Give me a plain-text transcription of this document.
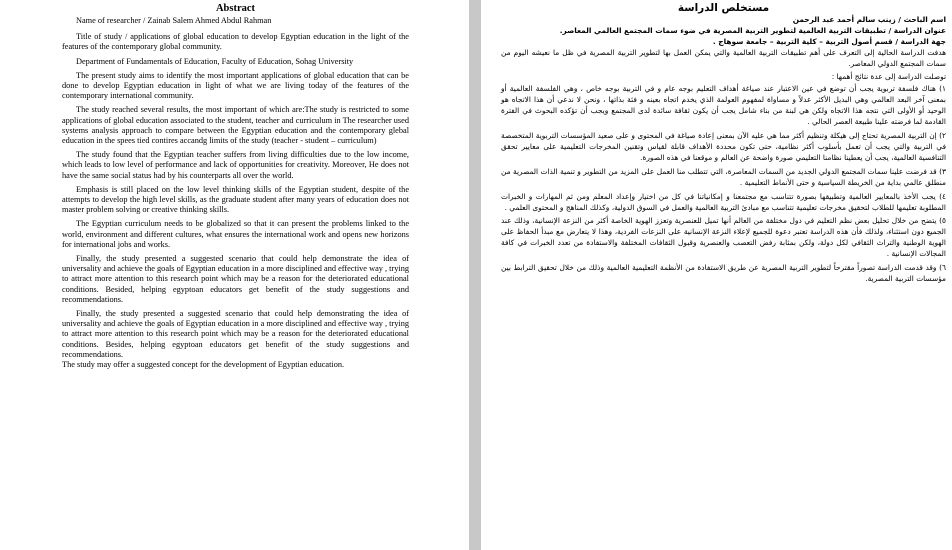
Abstract

Name of researcher / Zainab Salem Ahmed Abdul Rahman

Title of study / applications of global education to develop Egyptian education in the light of the features of the contemporary global community.

Department of Fundamentals of Education, Faculty of Education, Sohag University

The present study aims to identify the most important applications of global education that can be done to develop Egyptian education in light of what we are living today of the features of the contemporary international community.

The study reached several results, the most important of which are:The study is restricted to some applications of global education associated to the student, teacher and curriculum in The researcher used systems analysis approach to compare between the Egyptian education and the contemporary glebal education in the spees tied contires accandg limits of the study (teacher - student – curriculum)

The study found that the Egyptian teacher suffers from living difficulties due to the low income, which leads to low level of performance and lack of opportunities for creativity. Moreover, He does not have the same social status had by his counterparts all over the world.

Emphasis is still placed on the low level thinking skills of the Egyptian student, despite of the attempts to develop the high level skills, as the graduate student after many years of education does not master problem solving or creative thinking skills.

The Egyptian curriculum needs to be globalized so that it can present the problems linked to the world, environment and different cultures, what ensures the international work and opens new horizons for international jobs and works.

Finally, the study presented a suggested scenario that could help demonstrate the idea of universality and achieve the goals of Egyptian education in a more disciplined and effective way , trying to attract more attention to this research point which may be a reason for the deteriorated educational conditions. Besided, helping egyptoan educators get benefit of the study suggestions and recommendations.

Finally, the study presented a suggested scenario that could help demonstrating the idea of universality and achieve the goals of Egyptian education in a more disciplined and effective way , trying to attract more attention to this research point which may be a reason for the deteriorated educational conditions. Besides, helping egyptoan educators get benefit of the study suggestions and recommendations.

The study may offer a suggested concept for the development of Egyptian education.

مستخلص الدراسة

اسم الباحث / زينب سالم أحمد عبد الرحمن

عنوان الدراسة / تطبيقات التربية العالمية لتطوير التربية المصرية في ضوء سمات المجتمع العالمي المعاصر.

جهة الدراسة / قسم أصول التربية – كلية التربية – جامعة سوهاج .

هدفت الدراسة الحالية إلى التعرف على أهم تطبيقات التربية العالمية والتي يمكن العمل بها لتطوير التربية المصرية في ظل ما نعيشه اليوم من سمات المجتمع الدولي المعاصر.

توصلت الدراسة إلى عدة نتائج أهمها :

١) هناك فلسفة تربوية يجب أن توضع في عين الاعتبار عند صياغة أهداف التعليم بوجه عام و في التربية بوجه خاص ، وهي الفلسفة العالمية أو بمعنى آخر البعد العالمي وهي البديل الأكثر عدلاً و مساواة لمفهوم العولمة الذي يخدم اتجاه بعينه و فئة بذاتها ، ونحن لا ندعي أن هذا الاتجاه هو الوحيد أو الأولى التي نتجه هذا الاتجاه ولكن هي لبنة من بناء شامل يجب أن يكون ثقافة سائدة لدى المجتمع ويجب أن تؤكده البحوث في الفترة القادمة لما فرضته علينا طبيعة العصر الحالي .

٢) إن التربية المصرية تحتاج إلى هيكلة وتنظيم أكثر مما هي عليه الآن بمعنى إعادة صياغة في المحتوى و على صعيد المؤسسات التربوية المتخصصة في التربية والتي يجب أن تعمل بأسلوب أكثر نظامية، حتى تكون محددة الأهداف قابلة لقياس وتقنين المخرجات التعليمية على معايير تحقق التنافسية العالمية، يجب أن يعطينا نظامنا التعليمي صورة واضحة عن العالم و موقعنا في هذه الصورة.

٣) قد فرضت علينا سمات المجتمع الدولي الجديد من السمات المعاصرة، التي تتطلب منا العمل على المزيد من التطوير و تنمية الذات المصرية من منطلق عالمي بداية من الخريطة السياسية و حتى الأنماط التعليمية .

٤) يجب الأخذ بالمعايير العالمية وتطبيقها بصورة تتناسب مع مجتمعنا و إمكانياتنا في كل من اختيار وإعداد المعلم ومن ثم المهارات و الخبرات المطلوبة تعليمها للطلاب لتحقيق مخرجات تعليمية تتناسب مع مبادئ التربية العالمية والعمل في السوق الدولية، وكذلك المناهج و المحتوى العلمي .

٥) يتضح من خلال تحليل بعض نظم التعليم في دول مختلفة من العالم أنها تميل للعنصرية وتعزز الهوية الخاصة أكثر من النزعة الإنسانية، وذلك عند الجميع دون استثناء، ولذلك فأن هذه الدراسة تعتبر دعوة للجميع لإعلاء النزعة الإنسانية على النزعات الفردية، وهذا لا يتعارض مع مبدأ الحفاظ على الهوية الوطنية والتراث الثقافي لكل دولة، ولكن بمثابة رفض التعصب والعنصرية وقبول الثقافات المختلفة والاستفادة من تعدد الخبرات في كافة المجالات الإنسانية .

٦) وقد قدمت الدراسة تصوراً مقترحاً لتطوير التربية المصرية عن طريق الاستفادة من الأنظمة التعليمية العالمية وذلك من خلال تحقيق الترابط بين مؤسسات التربية المصرية.
